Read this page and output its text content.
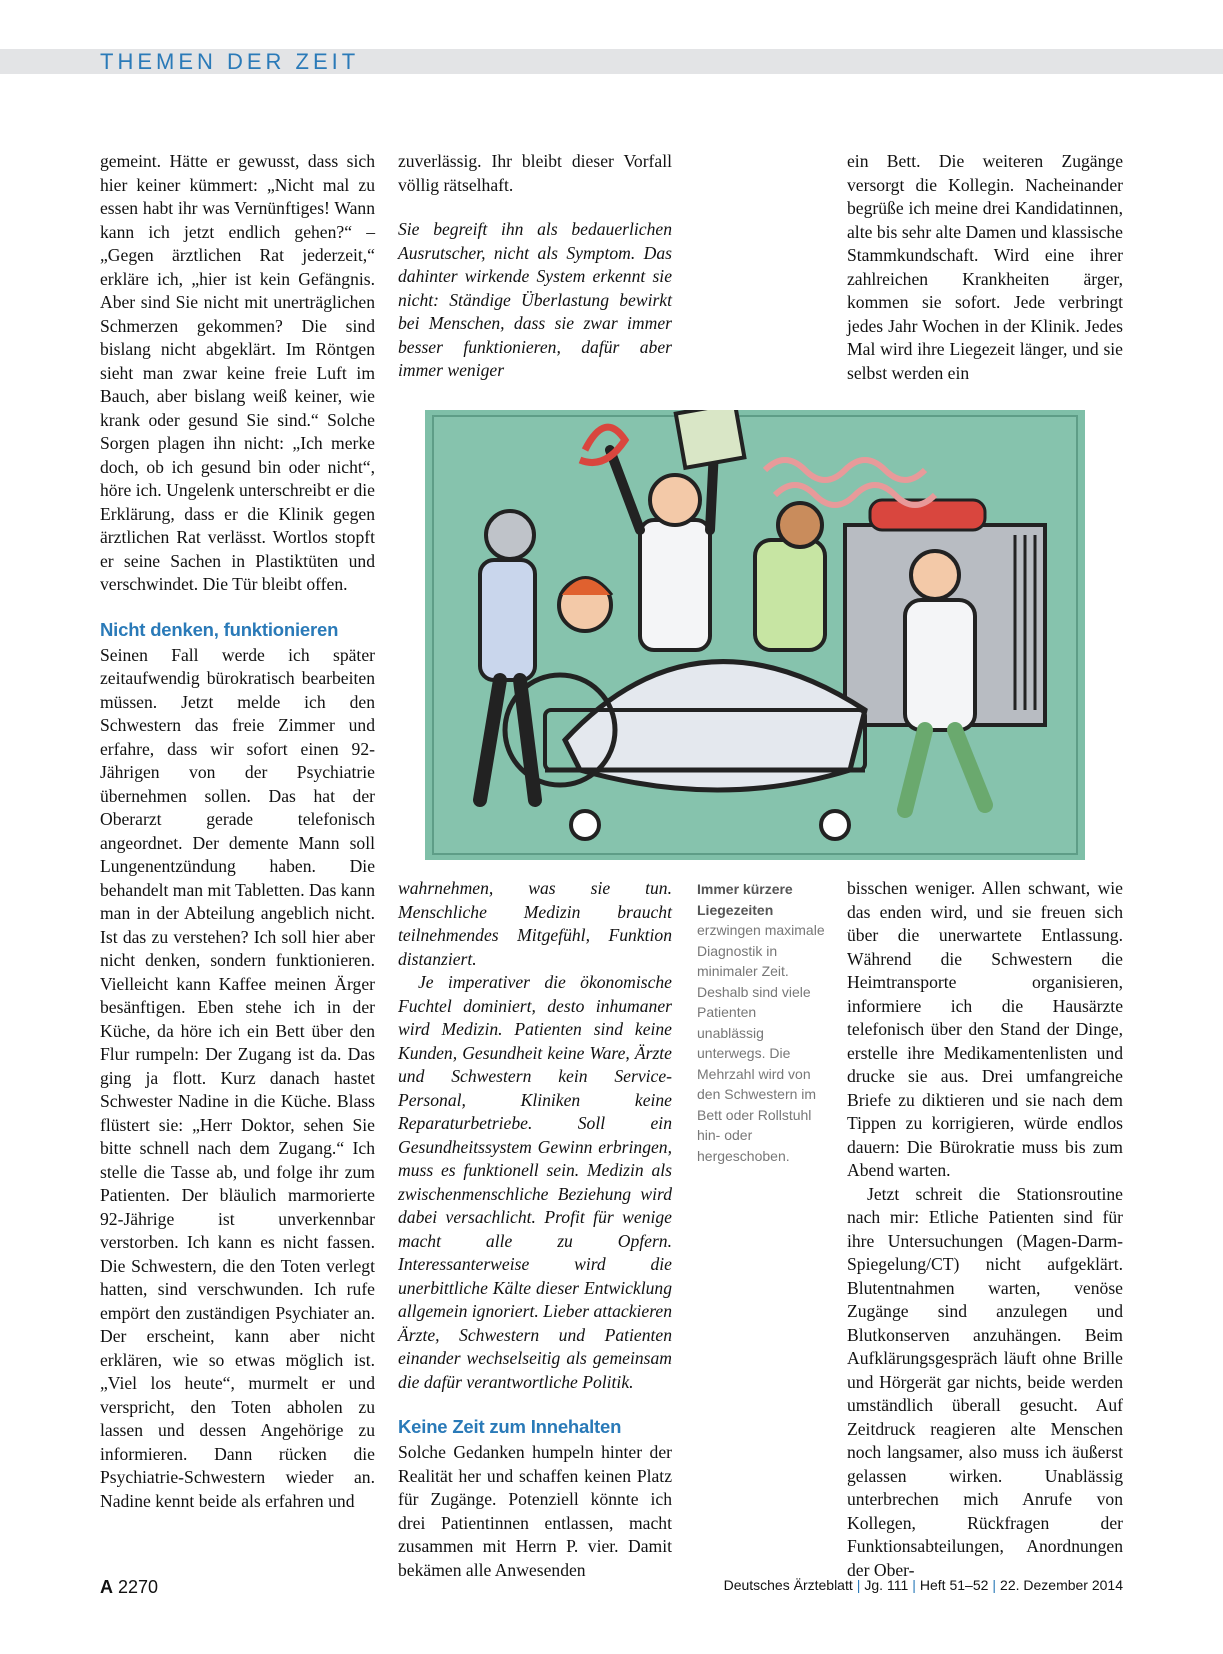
THEMEN DER ZEIT

gemeint. Hätte er gewusst, dass sich hier keiner kümmert: „Nicht mal zu essen habt ihr was Vernünftiges! Wann kann ich jetzt endlich gehen?“ – „Gegen ärztlichen Rat jederzeit,“ erkläre ich, „hier ist kein Gefängnis. Aber sind Sie nicht mit unerträglichen Schmerzen gekommen? Die sind bislang nicht abgeklärt. Im Röntgen sieht man zwar keine freie Luft im Bauch, aber bislang weiß keiner, wie krank oder gesund Sie sind.“ Solche Sorgen plagen ihn nicht: „Ich merke doch, ob ich gesund bin oder nicht“, höre ich. Ungelenk unterschreibt er die Erklärung, dass er die Klinik gegen ärztlichen Rat verlässt. Wortlos stopft er seine Sachen in Plastiktüten und verschwindet. Die Tür bleibt offen.

Nicht denken, funktionieren

Seinen Fall werde ich später zeitaufwendig bürokratisch bearbeiten müssen. Jetzt melde ich den Schwestern das freie Zimmer und erfahre, dass wir sofort einen 92-Jährigen von der Psychiatrie übernehmen sollen. Das hat der Oberarzt gerade telefonisch angeordnet. Der demente Mann soll Lungenentzündung haben. Die behandelt man mit Tabletten. Das kann man in der Abteilung angeblich nicht. Ist das zu verstehen? Ich soll hier aber nicht denken, sondern funktionieren. Vielleicht kann Kaffee meinen Ärger besänftigen. Eben stehe ich in der Küche, da höre ich ein Bett über den Flur rumpeln: Der Zugang ist da. Das ging ja flott. Kurz danach hastet Schwester Nadine in die Küche. Blass flüstert sie: „Herr Doktor, sehen Sie bitte schnell nach dem Zugang.“ Ich stelle die Tasse ab, und folge ihr zum Patienten. Der bläulich marmorierte 92-Jährige ist unverkennbar verstorben. Ich kann es nicht fassen. Die Schwestern, die den Toten verlegt hatten, sind verschwunden. Ich rufe empört den zuständigen Psychiater an. Der erscheint, kann aber nicht erklären, wie so etwas möglich ist. „Viel los heute“, murmelt er und verspricht, den Toten abholen zu lassen und dessen Angehörige zu informieren. Dann rücken die Psychiatrie-Schwestern wieder an. Nadine kennt beide als erfahren und

zuverlässig. Ihr bleibt dieser Vorfall völlig rätselhaft.

Sie begreift ihn als bedauerlichen Ausrutscher, nicht als Symptom. Das dahinter wirkende System erkennt sie nicht: Ständige Überlastung bewirkt bei Menschen, dass sie zwar immer besser funktionieren, dafür aber immer weniger

ein Bett. Die weiteren Zugänge versorgt die Kollegin. Nacheinander begrüße ich meine drei Kandidatinnen, alte bis sehr alte Damen und klassische Stammkundschaft. Wird eine ihrer zahlreichen Krankheiten ärger, kommen sie sofort. Jede verbringt jedes Jahr Wochen in der Klinik. Jedes Mal wird ihre Liegezeit länger, und sie selbst werden ein

wahrnehmen, was sie tun. Menschliche Medizin braucht teilnehmendes Mitgefühl, Funktion distanziert.

Je imperativer die ökonomische Fuchtel dominiert, desto inhumaner wird Medizin. Patienten sind keine Kunden, Gesundheit keine Ware, Ärzte und Schwestern kein Service-Personal, Kliniken keine Reparaturbetriebe. Soll ein Gesundheitssystem Gewinn erbringen, muss es funktionell sein. Medizin als zwischenmenschliche Beziehung wird dabei versachlicht. Profit für wenige macht alle zu Opfern. Interessanterweise wird die unerbittliche Kälte dieser Entwicklung allgemein ignoriert. Lieber attackieren Ärzte, Schwestern und Patienten einander wechselseitig als gemeinsam die dafür verantwortliche Politik.

Keine Zeit zum Innehalten

Solche Gedanken humpeln hinter der Realität her und schaffen keinen Platz für Zugänge. Potenziell könnte ich drei Patientinnen entlassen, macht zusammen mit Herrn P. vier. Damit bekämen alle Anwesenden

Immer kürzere Liegezeiten erzwingen maximale Diagnostik in minimaler Zeit. Deshalb sind viele Patienten unablässig unterwegs. Die Mehrzahl wird von den Schwestern im Bett oder Rollstuhl hin- oder hergeschoben.

bisschen weniger. Allen schwant, wie das enden wird, und sie freuen sich über die unerwartete Entlassung. Während die Schwestern die Heimtransporte organisieren, informiere ich die Hausärzte telefonisch über den Stand der Dinge, erstelle ihre Medikamentenlisten und drucke sie aus. Drei umfangreiche Briefe zu diktieren und sie nach dem Tippen zu korrigieren, würde endlos dauern: Die Bürokratie muss bis zum Abend warten.

Jetzt schreit die Stationsroutine nach mir: Etliche Patienten sind für ihre Untersuchungen (Magen-Darm-Spiegelung/CT) nicht aufgeklärt. Blutentnahmen warten, venöse Zugänge sind anzulegen und Blutkonserven anzuhängen. Beim Aufklärungsgespräch läuft ohne Brille und Hörgerät gar nichts, beide werden umständlich überall gesucht. Auf Zeitdruck reagieren alte Menschen noch langsamer, also muss ich äußerst gelassen wirken. Unablässig unterbrechen mich Anrufe von Kollegen, Rückfragen der Funktionsabteilungen, Anordnungen der Ober-

A 2270	Deutsches Ärzteblatt | Jg. 111 | Heft 51–52 | 22. Dezember 2014
